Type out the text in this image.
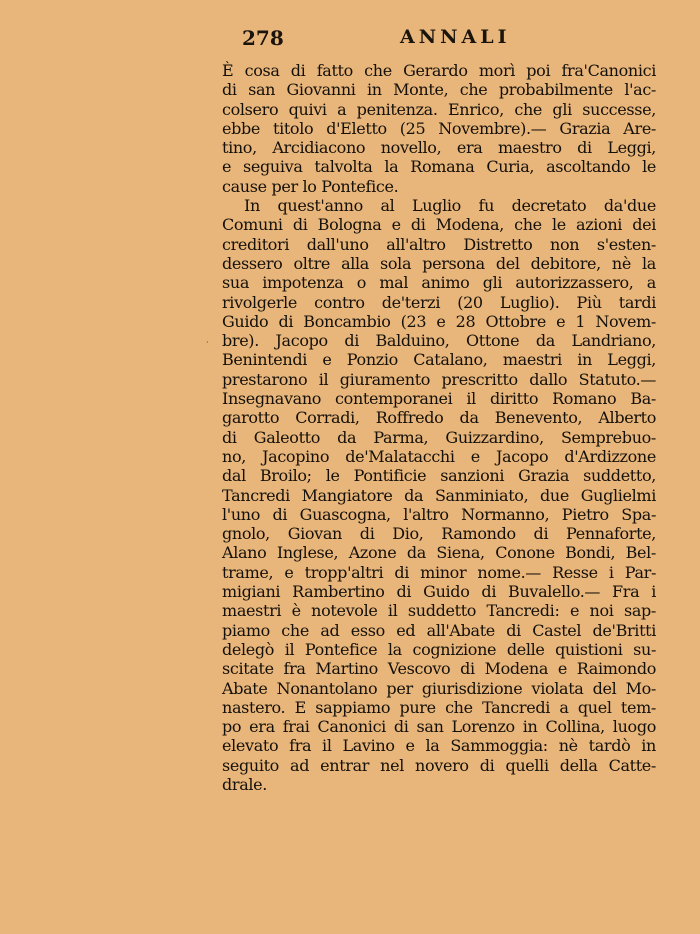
278	ANNALI
È cosa di fatto che Gerardo morì poi fra'Canonici
di san Giovanni in Monte, che probabilmente l'ac-
colsero quivi a penitenza. Enrico, che gli successe,
ebbe titolo d'Eletto (25 Novembre).— Grazia Are-
tino, Arcidiacono novello, era maestro di Leggi,
e seguiva talvolta la Romana Curia, ascoltando le
cause per lo Pontefice.
In quest'anno al Luglio fu decretato da'due
Comuni di Bologna e di Modena, che le azioni dei
creditori dall'uno all'altro Distretto non s'esten-
dessero oltre alla sola persona del debitore, nè la
sua impotenza o mal animo gli autorizzassero, a
rivolgerle contro de'terzi (20 Luglio). Più tardi
Guido di Boncambio (23 e 28 Ottobre e 1 Novem-
bre). Jacopo di Balduino, Ottone da Landriano,
Benintendi e Ponzio Catalano, maestri in Leggi,
prestarono il giuramento prescritto dallo Statuto.—
Insegnavano contemporanei il diritto Romano Ba-
garotto Corradi, Roffredo da Benevento, Alberto
di Galeotto da Parma, Guizzardino, Semprebuo-
no, Jacopino de'Malatacchi e Jacopo d'Ardizzone
dal Broilo; le Pontificie sanzioni Grazia suddetto,
Tancredi Mangiatore da Sanminiato, due Guglielmi
l'uno di Guascogna, l'altro Normanno, Pietro Spa-
gnolo, Giovan di Dio, Ramondo di Pennaforte,
Alano Inglese, Azone da Siena, Conone Bondi, Bel-
trame, e tropp'altri di minor nome.— Resse i Par-
migiani Rambertino di Guido di Buvalello.— Fra i
maestri è notevole il suddetto Tancredi: e noi sap-
piamo che ad esso ed all'Abate di Castel de'Britti
delegò il Pontefice la cognizione delle quistioni su-
scitate fra Martino Vescovo di Modena e Raimondo
Abate Nonantolano per giurisdizione violata del Mo-
nastero. E sappiamo pure che Tancredi a quel tem-
po era frai Canonici di san Lorenzo in Collina, luogo
elevato fra il Lavino e la Sammoggia: nè tardò in
seguito ad entrar nel novero di quelli della Catte-
drale.
·
